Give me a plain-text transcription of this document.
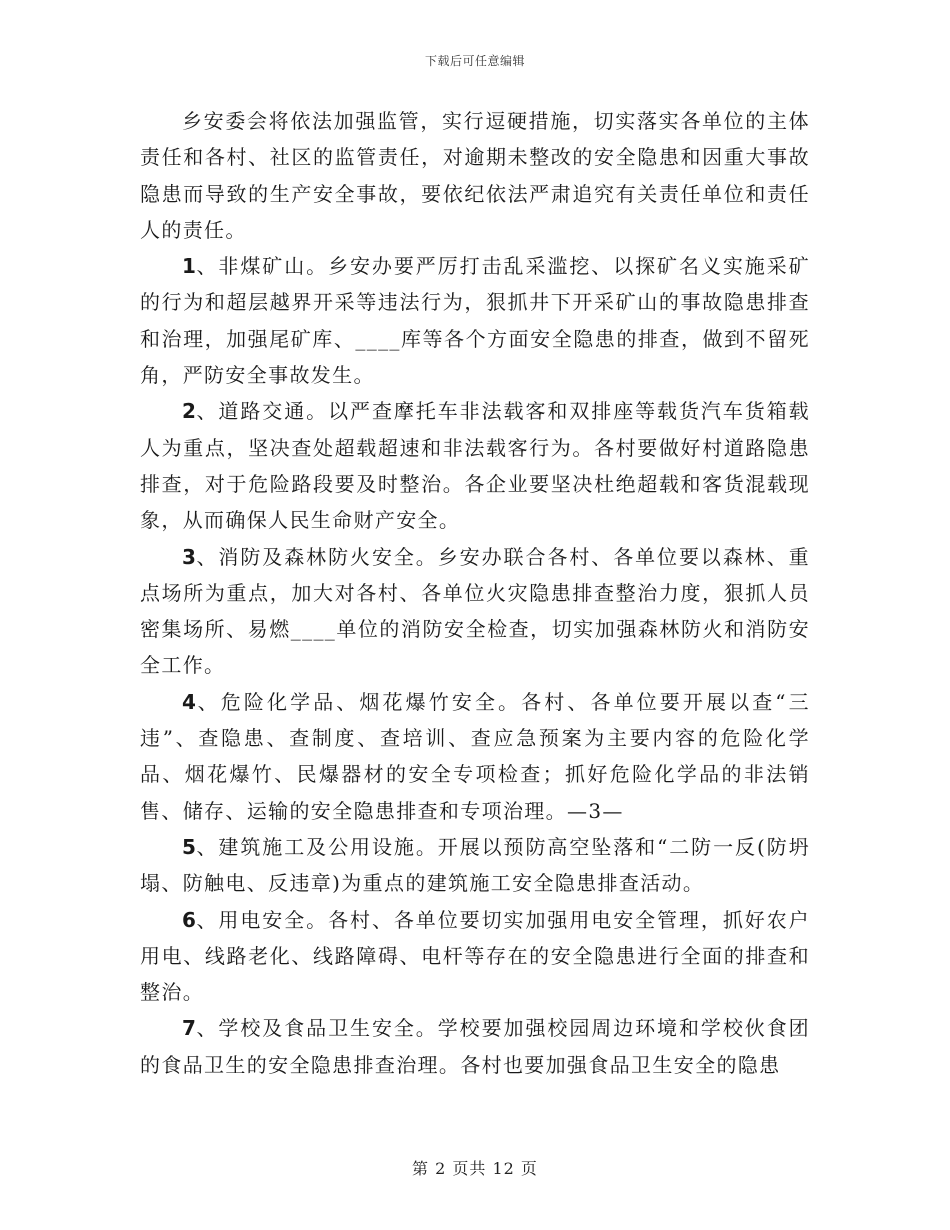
下载后可任意编辑

乡安委会将依法加强监管，实行逗硬措施，切实落实各单位的主体责任和各村、社区的监管责任，对逾期未整改的安全隐患和因重大事故隐患而导致的生产安全事故，要依纪依法严肃追究有关责任单位和责任人的责任。

1、非煤矿山。乡安办要严厉打击乱采滥挖、以探矿名义实施采矿的行为和超层越界开采等违法行为，狠抓井下开采矿山的事故隐患排查和治理，加强尾矿库、____库等各个方面安全隐患的排查，做到不留死角，严防安全事故发生。

2、道路交通。以严查摩托车非法载客和双排座等载货汽车货箱载人为重点，坚决查处超载超速和非法载客行为。各村要做好村道路隐患排查，对于危险路段要及时整治。各企业要坚决杜绝超载和客货混载现象，从而确保人民生命财产安全。

3、消防及森林防火安全。乡安办联合各村、各单位要以森林、重点场所为重点，加大对各村、各单位火灾隐患排查整治力度，狠抓人员密集场所、易燃____单位的消防安全检查，切实加强森林防火和消防安全工作。

4、危险化学品、烟花爆竹安全。各村、各单位要开展以查“三违”、查隐患、查制度、查培训、查应急预案为主要内容的危险化学品、烟花爆竹、民爆器材的安全专项检查；抓好危险化学品的非法销售、储存、运输的安全隐患排查和专项治理。—3—

5、建筑施工及公用设施。开展以预防高空坠落和“二防一反(防坍塌、防触电、反违章)为重点的建筑施工安全隐患排查活动。

6、用电安全。各村、各单位要切实加强用电安全管理，抓好农户用电、线路老化、线路障碍、电杆等存在的安全隐患进行全面的排查和整治。

7、学校及食品卫生安全。学校要加强校园周边环境和学校伙食团的食品卫生的安全隐患排查治理。各村也要加强食品卫生安全的隐患

第 2 页共 12 页
